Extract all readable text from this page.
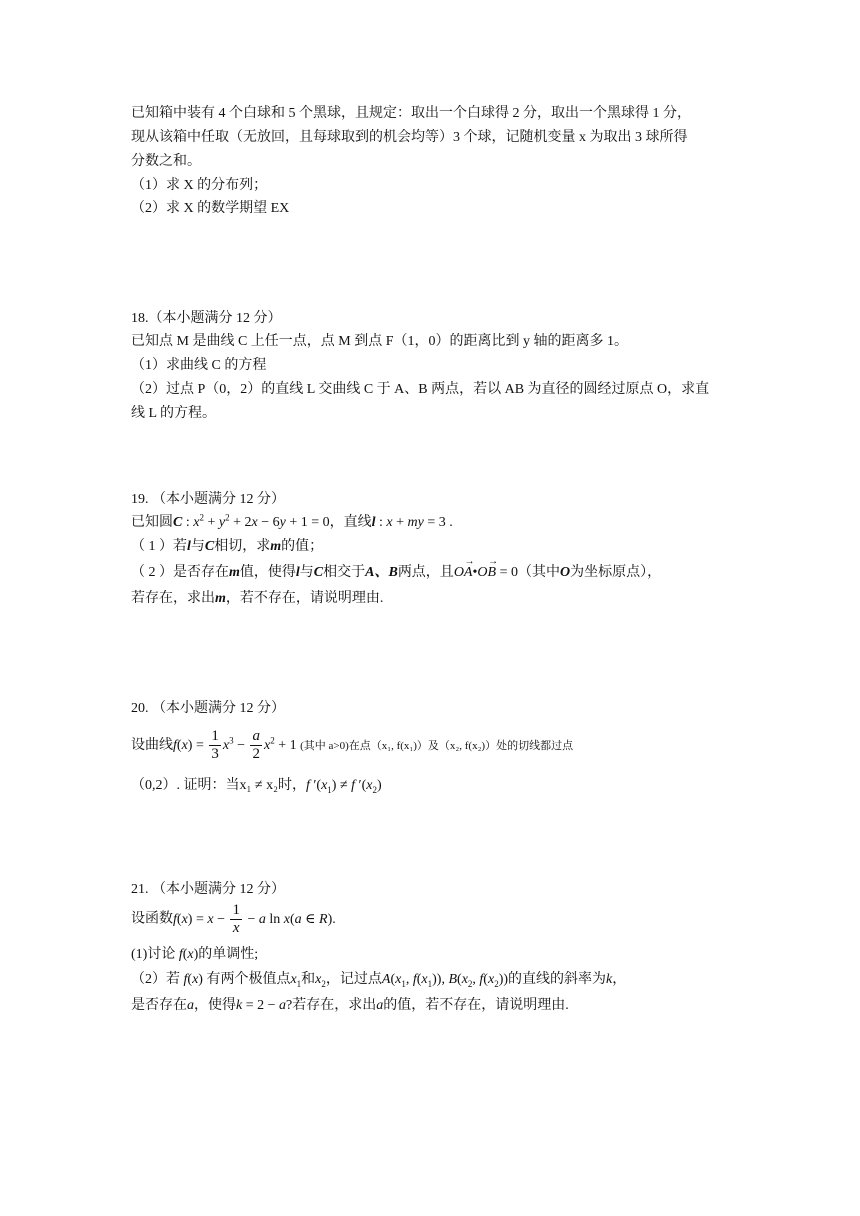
已知箱中装有 4 个白球和 5 个黑球，且规定：取出一个白球得 2 分，取出一个黑球得 1 分，
现从该箱中任取（无放回，且每球取到的机会均等）3 个球，记随机变量 x 为取出 3 球所得
分数之和。
（1）求 X 的分布列；
（2）求 X 的数学期望 EX
18.（本小题满分 12 分）
已知点 M 是曲线 C 上任一点，点 M 到点 F（1，0）的距离比到 y 轴的距离多 1。
（1）求曲线 C 的方程
（2）过点 P（0，2）的直线 L 交曲线 C 于 A、B 两点，若以 AB 为直径的圆经过原点 O，求直
线 L 的方程。
19. （本小题满分 12 分）
已知圆C : $x^2 + y^2 + 2x - 6y + 1 = 0$，直线l : x + my = 3 .
（ 1 ）若l与C相切，求m的值；
（ 2 ）是否存在m值，使得l与C相交于A、B两点，且→ OA•→ OB = 0（其中O为坐标原点），
若存在，求出m，若不存在，请说明理由.
20. （本小题满分 12 分）
设曲线$f(x) = \frac{1}{3} x^3 - \frac{a}{2} x^2 + 1$ (其中 a>0)在点（x₁, f(x₁)）及（x₂, f(x₂)）处的切线都过点
（0,2）. 证明：当x₁ ≠ x₂时，f $'(x_1) \ne f$ $'(x_2)$
21. （本小题满分 12 分）
设函数$f(x) = x - \frac{1}{x} - a$ ln x(a ∈ R).
(1)讨论 f(x)的单调性;
（2）若 f(x) 有两个极值点$x_1$和$x_2$，记过点$A(x_1$, $f(x_1)$), $B(x_2$, $f(x_2)$)的直线的斜率为k，
是否存在a，使得k = 2 − a?若存在，求出a的值，若不存在，请说明理由.
